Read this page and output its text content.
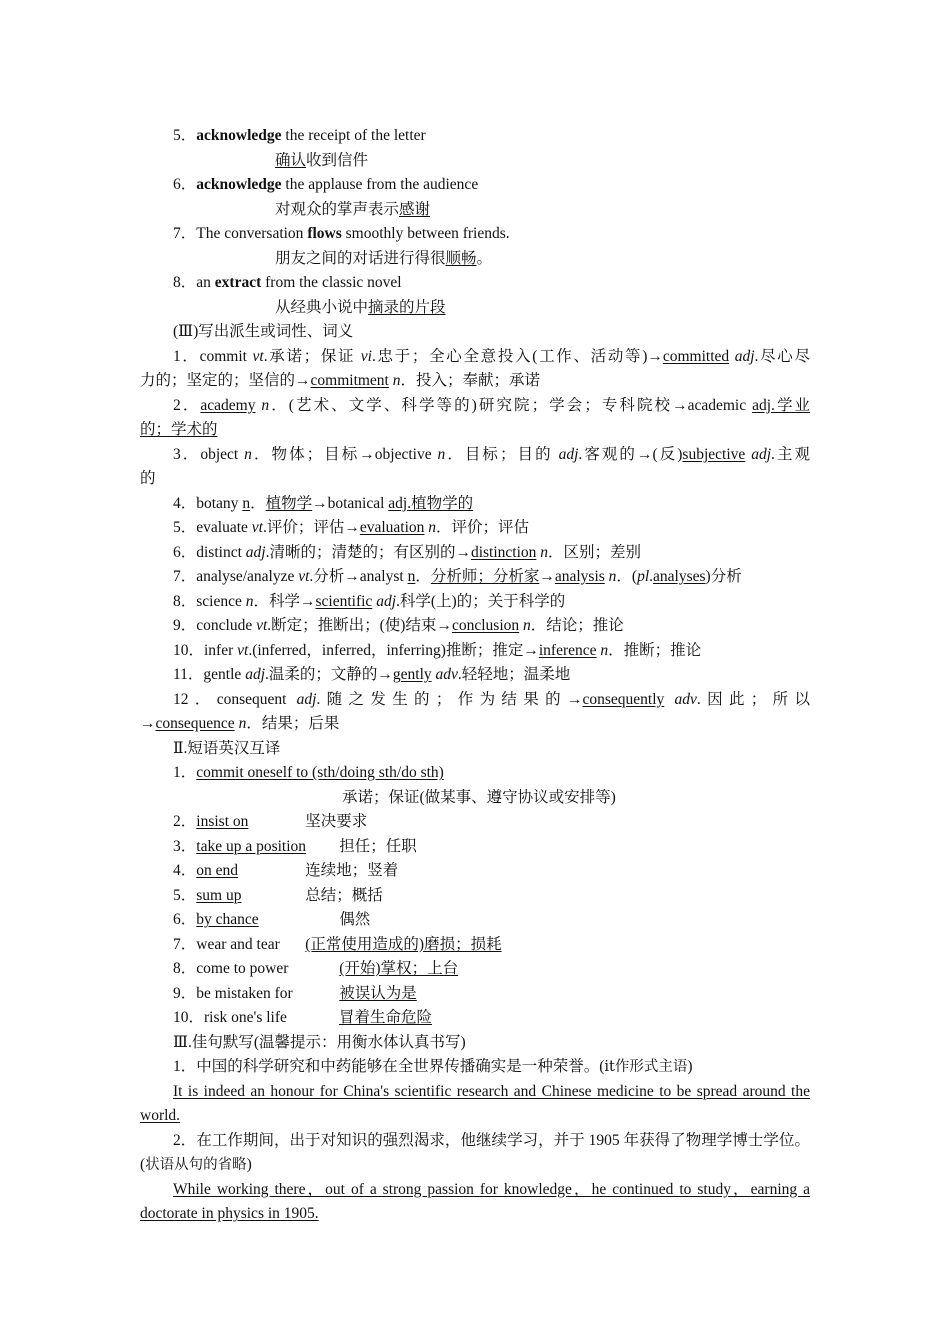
5．acknowledge the receipt of the letter
确认收到信件
6．acknowledge the applause from the audience
对观众的掌声表示感谢
7．The conversation flows smoothly between friends.
朋友之间的对话进行得很顺畅。
8．an extract from the classic novel
从经典小说中摘录的片段
(Ⅲ)写出派生或词性、词义
1．commit vt.承诺；保证 vi.忠于；全心全意投入(工作、活动等)→committed adj.尽心尽
力的；坚定的；坚信的→commitment n．投入；奉献；承诺
2．academy n．(艺术、文学、科学等的)研究院；学会；专科院校→academic adj.学业
的；学术的
3．object n．物体；目标→objective n．目标；目的 adj.客观的→(反)subjective adj.主观
的
4．botany n．植物学→botanical adj.植物学的
5．evaluate vt.评价；评估→evaluation n．评价；评估
6．distinct adj.清晰的；清楚的；有区别的→distinction n．区别；差别
7．analyse/analyze vt.分析→analyst n．分析师；分析家→analysis n．(pl.analyses)分析
8．science n．科学→scientific adj.科学(上)的；关于科学的
9．conclude vt.断定；推断出；(使)结束→conclusion n．结论；推论
10．infer vt.(inferred，inferred，inferring)推断；推定→inference n．推断；推论
11．gentle adj.温柔的；文静的→gently adv.轻轻地；温柔地
12．consequent adj.随之发生的；作为结果的→consequently adv.因此；所以
→consequence n．结果；后果
Ⅱ.短语英汉互译
1．commit oneself to (sth/doing sth/do sth)
承诺；保证(做某事、遵守协议或安排等)
2．insist on	坚决要求
3．take up a position 担任；任职
4．on end	连续地；竖着
5．sum up	总结；概括
6．by chance	偶然
7．wear and tear (正常使用造成的)磨损；损耗
8．come to power	(开始)掌权；上台
9．be mistaken for	被误认为是
10．risk one's life	冒着生命危险
Ⅲ.佳句默写(温馨提示：用衡水体认真书写)
1．中国的科学研究和中药能够在全世界传播确实是一种荣誉。(it作形式主语)
It is indeed an honour for China's scientific research and Chinese medicine to be spread around the world.
2．在工作期间，出于对知识的强烈渴求，他继续学习，并于 1905 年获得了物理学博士学位。(状语从句的省略)
While working there，out of a strong passion for knowledge，he continued to study，earning a doctorate in physics in 1905.
